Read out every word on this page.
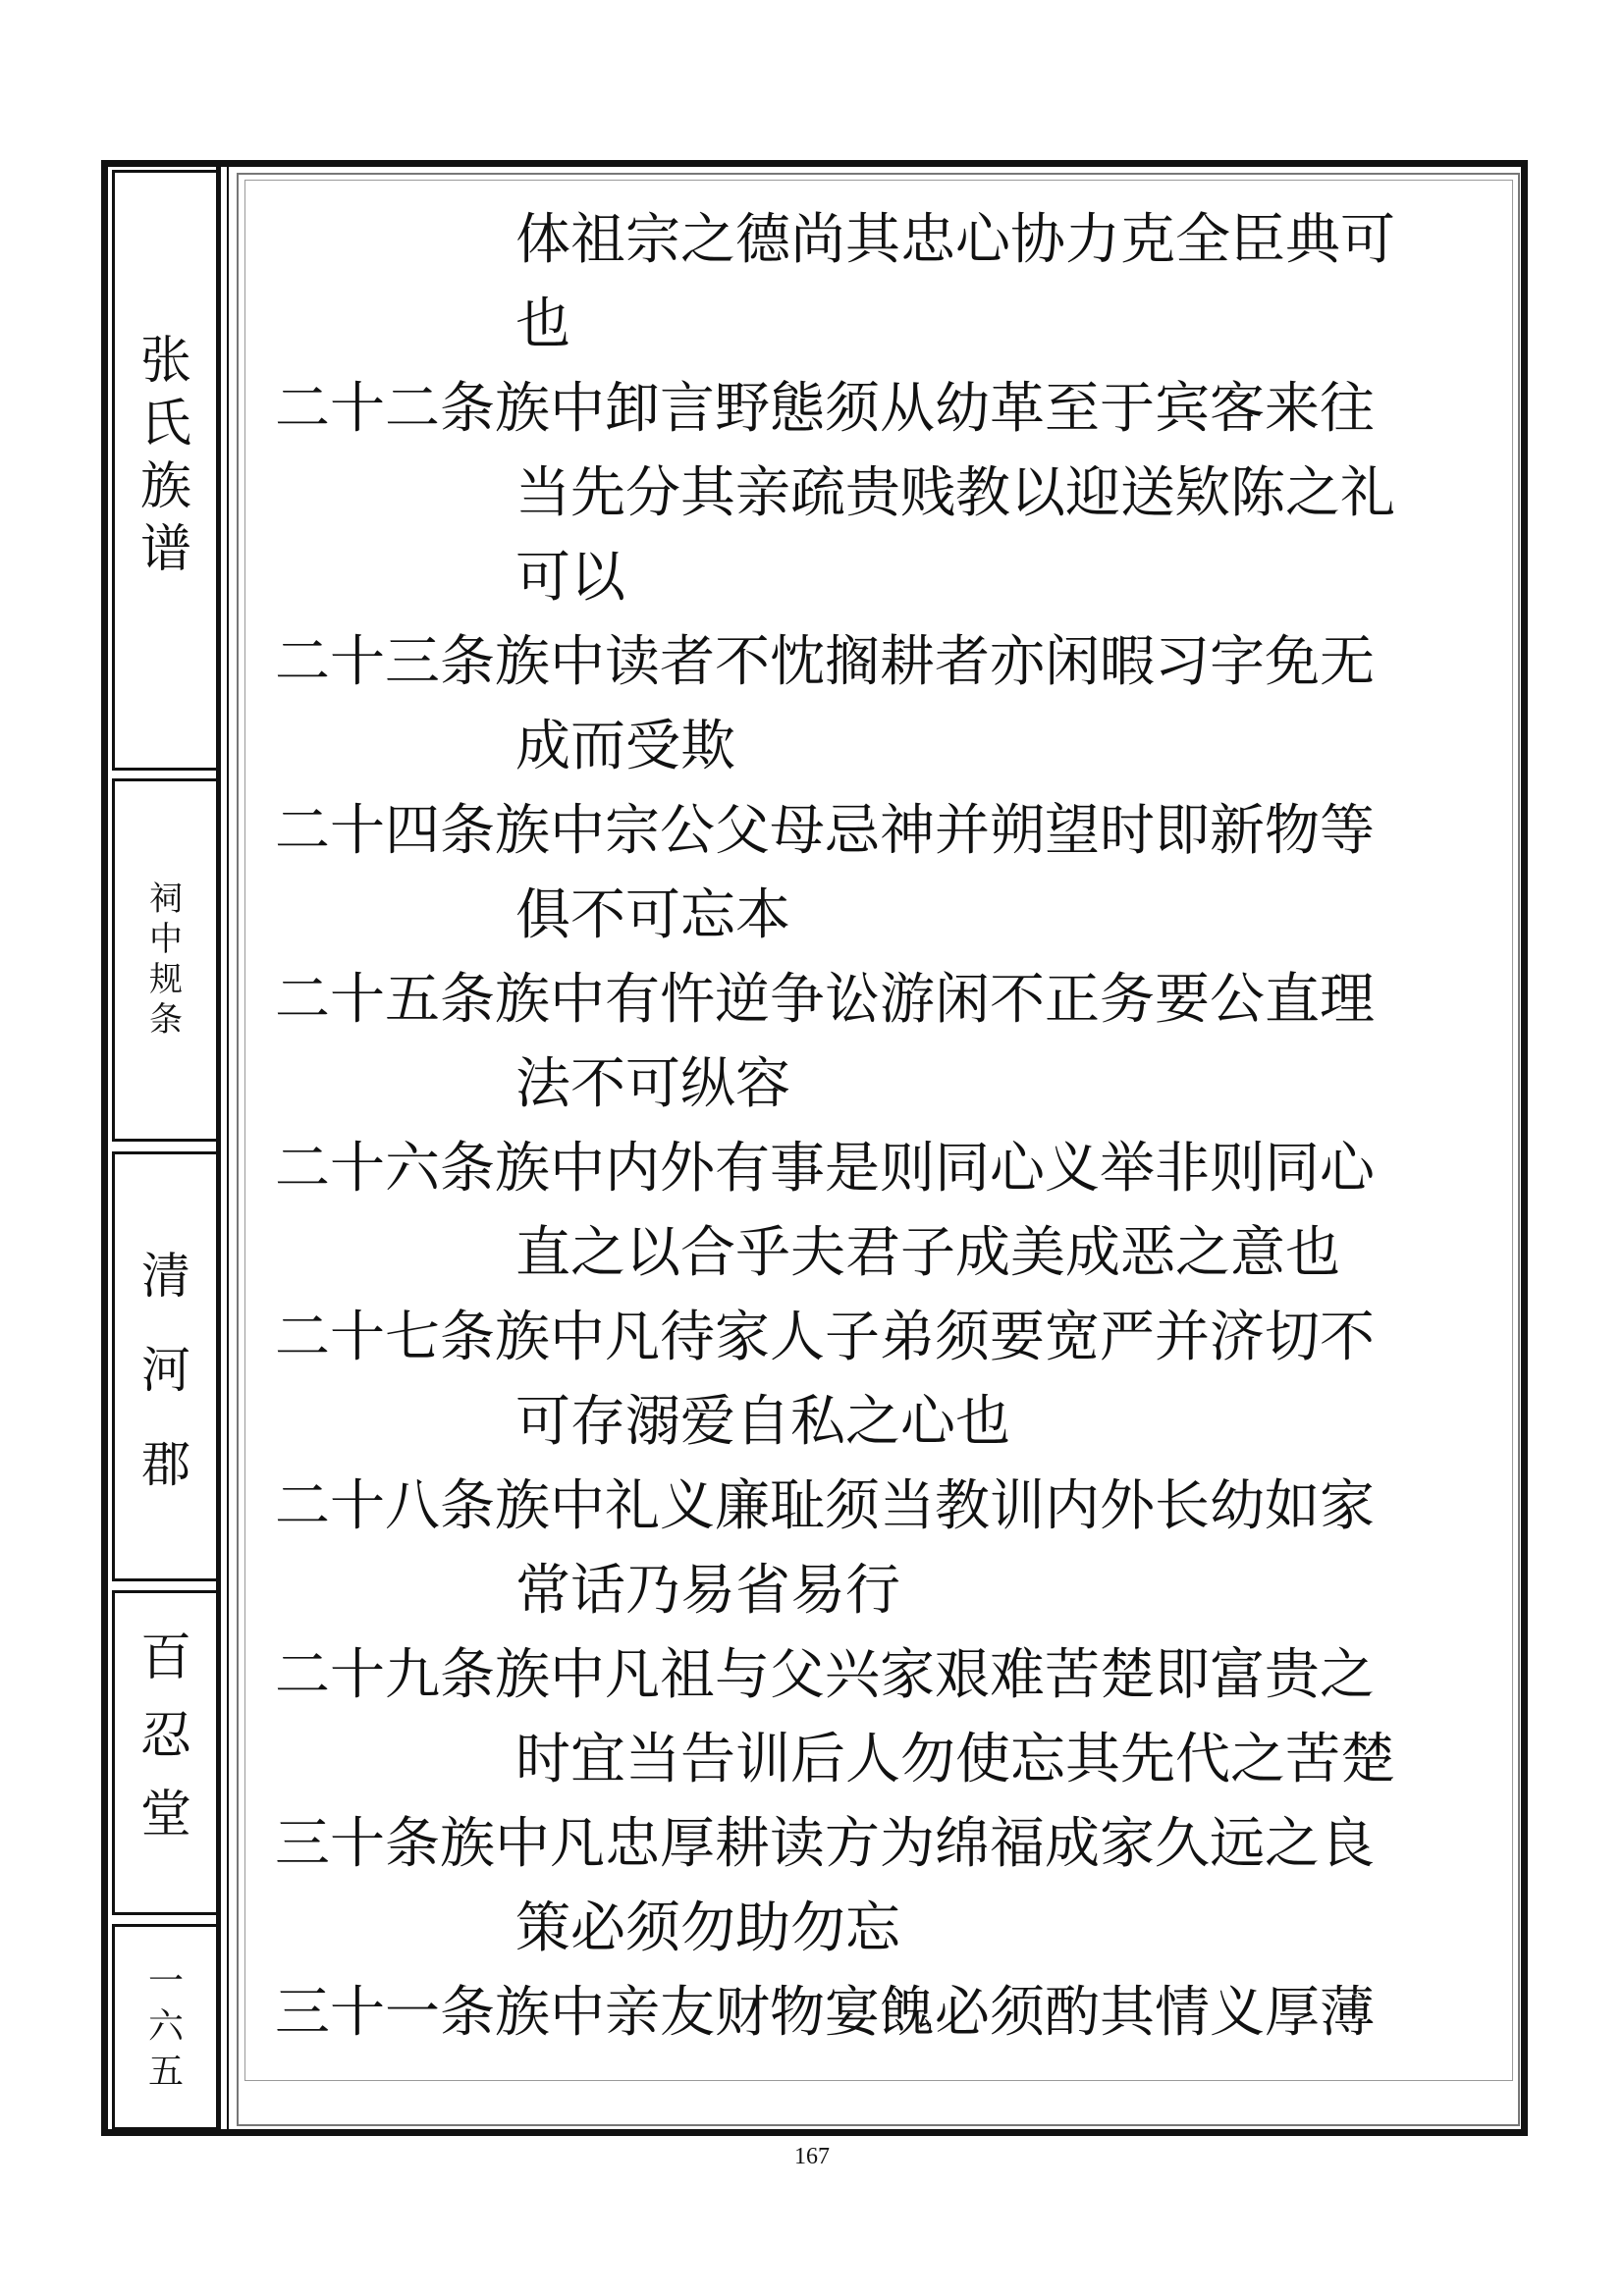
张
氏
族
谱
祠
中
规
条
清
河
郡
百
忍
堂
一
六
五
体祖宗之德尚其忠心协力克全臣典可
也
二十二条族中卸言野態须从幼革至于宾客来往
当先分其亲疏贵贱教以迎送欵陈之礼
可以
二十三条族中读者不忱搁耕者亦闲暇习字免无
成而受欺
二十四条族中宗公父母忌神并朔望时即新物等
俱不可忘本
二十五条族中有忤逆争讼游闲不正务要公直理
法不可纵容
二十六条族中内外有事是则同心义举非则同心
直之以合乎夫君子成美成恶之意也
二十七条族中凡待家人子弟须要宽严并济切不
可存溺爱自私之心也
二十八条族中礼义廉耻须当教训内外长幼如家
常话乃易省易行
二十九条族中凡祖与父兴家艰难苦楚即富贵之
时宜当告训后人勿使忘其先代之苦楚
三十条族中凡忠厚耕读方为绵福成家久远之良
策必须勿助勿忘
三十一条族中亲友财物宴餽必须酌其情义厚薄
167
